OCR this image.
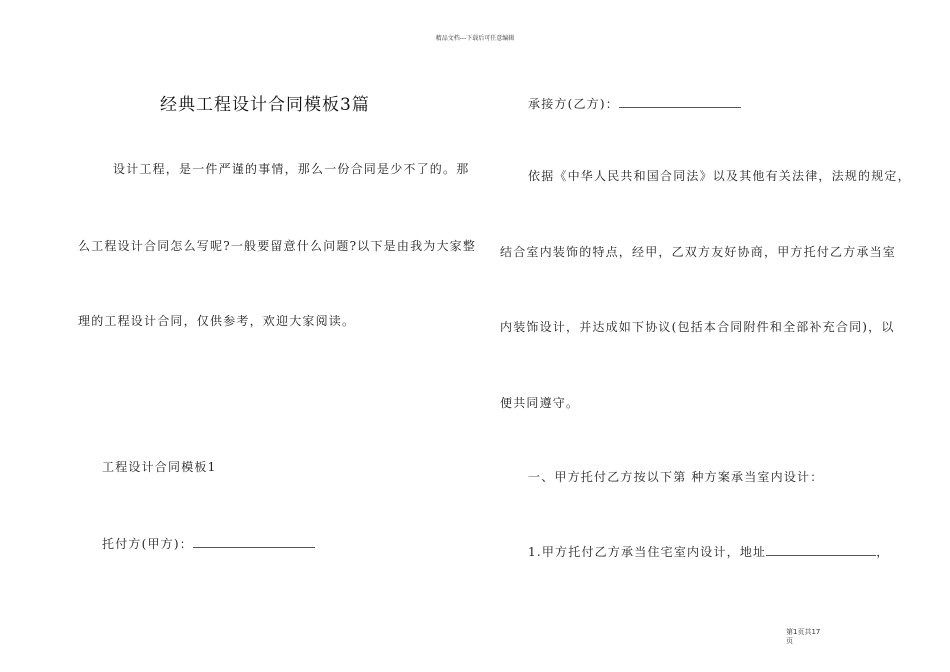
精品文档---下载后可任意编辑
经典工程设计合同模板3篇
设计工程，是一件严谨的事情，那么一份合同是少不了的。那
么工程设计合同怎么写呢?一般要留意什么问题?以下是由我为大家整
理的工程设计合同，仅供参考，欢迎大家阅读。
工程设计合同模板1
托付方(甲方)：
承接方(乙方)：
依据《中华人民共和国合同法》以及其他有关法律，法规的规定，
结合室内装饰的特点，经甲，乙双方友好协商，甲方托付乙方承当室
内装饰设计，并达成如下协议(包括本合同附件和全部补充合同)，以
便共同遵守。
一、甲方托付乙方按以下第 种方案承当室内设计：
1.甲方托付乙方承当住宅室内设计，地址	，
第1页共17
页
